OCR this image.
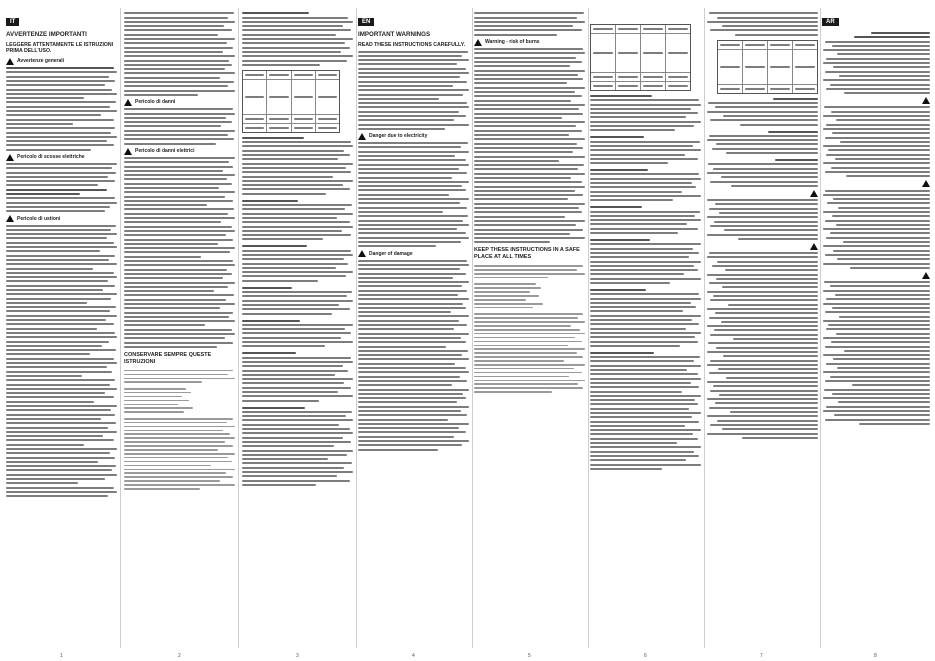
IT
AVVERTENZE IMPORTANTI
LEGGERE ATTENTAMENTE LE ISTRUZIONI PRIMA DELL'USO.
Avvertenze generali
Pericolo di scosse elettriche
Pericolo di ustioni
1
Pericolo di danni
Pericolo di danni elettrici
CONSERVARE SEMPRE QUESTE ISTRUZIONI
2	3
EN
IMPORTANT WARNINGS
READ THESE INSTRUCTIONS CAREFULLY.
Danger due to electricity
Danger of damage
4
Warning - risk of burns
KEEP THESE INSTRUCTIONS IN A SAFE PLACE AT ALL TIMES
5	6	7
AR
8
